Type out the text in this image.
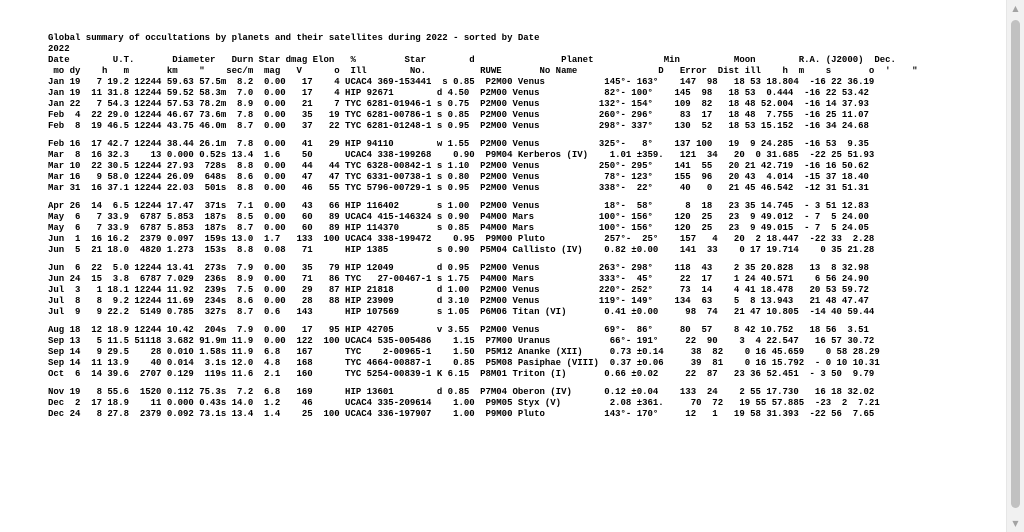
Global summary of occultations by planets and their satellites during 2022 - sorted by Date
2022
Date        U.T.       Diameter   Durn Star dmag Elon   %         Star        d                Planet             Min          Moon        R.A. (J2000)  Dec.
mo dy    h   m       km    "    sec/m  mag   V      o  Ill        No.          RUWE       No Name               D   Error  Dist ill    h  m    s       o  '    "
Jan 19   7 19.2 12244 59.63 57.5m  8.2  0.00   17    4 UCAC4 369-153441  s 0.85  P2M00 Venus           145°- 163°    147  98   18 53 18.804  -16 22 36.19
Jan 19  11 31.8 12244 59.52 58.3m  7.0  0.00   17    4 HIP 92671        d 4.50  P2M00 Venus            82°- 100°    145  98   18 53  0.444  -16 22 53.42
Jan 22   7 54.3 12244 57.53 78.2m  8.9  0.00   21    7 TYC 6281-01946-1 s 0.75  P2M00 Venus           132°- 154°    109  82   18 48 52.004  -16 14 37.93
Feb  4  22 29.0 12244 46.67 73.6m  7.8  0.00   35   19 TYC 6281-00786-1 s 0.85  P2M00 Venus           260°- 296°     83  17   18 48  7.755  -16 25 11.07
Feb  8  19 46.5 12244 43.75 46.0m  8.7  0.00   37   22 TYC 6281-01248-1 s 0.95  P2M00 Venus           298°- 337°    130  52   18 53 15.152  -16 34 24.68
Feb 16  17 42.7 12244 38.44 26.1m  7.8  0.00   41   29 HIP 94110        w 1.55  P2M00 Venus           325°-   8°    137 100   19  9 24.285  -16 53  9.35
Mar  8  16 32.3    13 0.000 0.52s 13.4  1.6    50      UCAC4 338-199268    0.90  P9M04 Kerberos (IV)    1.01 ±359.   121  34   20  0 31.685  -22 25 51.93
Mar 10  22 30.5 12244 27.93  728s  8.8  0.00   44   44 TYC 6328-00842-1 s 1.10  P2M00 Venus           250°- 295°    141  55   20 21 42.719  -16 16 50.62
Mar 16   9 58.0 12244 26.09  648s  8.6  0.00   47   47 TYC 6331-00738-1 s 0.80  P2M00 Venus            78°- 123°    155  96   20 43  4.014  -15 37 18.40
Mar 31  16 37.1 12244 22.03  501s  8.8  0.00   46   55 TYC 5796-00729-1 s 0.95  P2M00 Venus           338°-  22°     40   0   21 45 46.542  -12 31 51.31
Apr 26  14  6.5 12244 17.47  371s  7.1  0.00   43   66 HIP 116402       s 1.00  P2M00 Venus            18°-  58°      8  18   23 35 14.745  - 3 51 12.83
May  6   7 33.9  6787 5.853  187s  8.5  0.00   60   89 UCAC4 415-146324 s 0.90  P4M00 Mars            100°- 156°    120  25   23  9 49.012  - 7  5 24.00
May  6   7 33.9  6787 5.853  187s  8.7  0.00   60   89 HIP 114370       s 0.85  P4M00 Mars            100°- 156°    120  25   23  9 49.015  - 7  5 24.05
Jun  1  16 16.2  2379 0.097  159s 13.0  1.7   133  100 UCAC4 338-199472    0.95  P9M00 Pluto           257°-  25°    157   4   20  2 18.447  -22 33  2.28
Jun  5  21 18.0  4820 1.273  153s  8.8  0.08   71      HIP 1385         s 0.90  P5M04 Callisto (IV)    0.82 ±0.00    141  33    0 17 19.714    0 35 21.28
Jun  6  22  5.0 12244 13.41  273s  7.9  0.00   35   79 HIP 12049        d 0.95  P2M00 Venus           263°- 298°    118  43    2 35 20.828   13  8 32.98
Jun 24  15  3.8  6787 7.029  236s  8.9  0.00   71   86 TYC   27-00467-1 s 1.75  P4M00 Mars            333°-  45°     22  17    1 24 40.571    6 56 24.90
Jul  3   1 18.1 12244 11.92  239s  7.5  0.00   29   87 HIP 21818        d 1.00  P2M00 Venus           220°- 252°     73  14    4 41 18.478   20 53 59.72
Jul  8   8  9.2 12244 11.69  234s  8.6  0.00   28   88 HIP 23909        d 3.10  P2M00 Venus           119°- 149°    134  63    5  8 13.943   21 48 47.47
Jul  9   9 22.2  5149 0.785  327s  8.7  0.6   143      HIP 107569       s 1.05  P6M06 Titan (VI)       0.41 ±0.00     98  74   21 47 10.805  -14 40 59.44
Aug 18  12 18.9 12244 10.42  204s  7.9  0.00   17   95 HIP 42705        v 3.55  P2M00 Venus            69°-  86°     80  57    8 42 10.752   18 56  3.51
Sep 13   5 11.5 51118 3.682 91.9m 11.9  0.00  122  100 UCAC4 535-005486    1.15  P7M00 Uranus           66°- 191°     22  90    3  4 22.547   16 57 30.72
Sep 14   9 29.5    28 0.010 1.58s 11.9  6.8   167      TYC    2-00965-1    1.50  P5M12 Ananke (XII)     0.73 ±0.14     38  82    0 16 45.659    0 58 28.29
Sep 14  11 13.9    40 0.014  3.1s 12.0  4.8   168      TYC 4664-00887-1    0.85  P5M08 Pasiphae (VIII)  0.37 ±0.06     39  81    0 16 15.792  - 0 10 10.31
Oct  6  14 39.6  2707 0.129  119s 11.6  2.1   160      TYC 5254-00839-1 K 6.15  P8M01 Triton (I)       0.66 ±0.02     22  87   23 36 52.451  - 3 50  9.79
Nov 19   8 55.6  1520 0.112 75.3s  7.2  6.8   169      HIP 13601        d 0.85  P7M04 Oberon (IV)      0.12 ±0.04    133  24    2 55 17.730   16 18 32.02
Dec  2  17 18.9    11 0.000 0.43s 14.0  1.2    46      UCAC4 335-209614    1.00  P9M05 Styx (V)         2.08 ±361.     70  72   19 55 57.885  -23  2  7.21
Dec 24   8 27.8  2379 0.092 73.1s 13.4  1.4    25  100 UCAC4 336-197907    1.00  P9M00 Pluto           143°- 170°     12   1   19 58 31.393  -22 56  7.65
▲
▼
